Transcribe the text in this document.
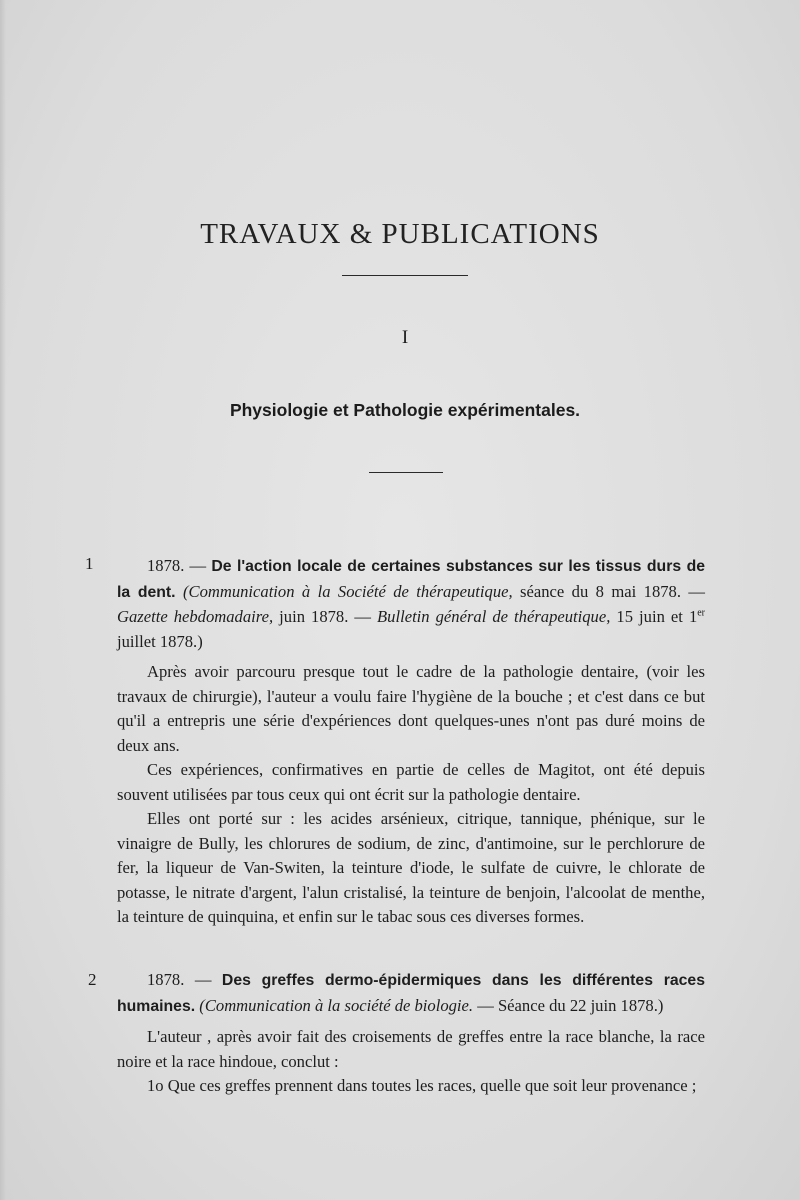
TRAVAUX & PUBLICATIONS
I
Physiologie et Pathologie expérimentales.
1	1878. — De l'action locale de certaines substances sur les tissus durs de la dent. (Communication à la Société de thérapeutique, séance du 8 mai 1878. — Gazette hebdomadaire, juin 1878. — Bulletin général de thérapeutique, 15 juin et 1er juillet 1878.)

Après avoir parcouru presque tout le cadre de la pathologie dentaire, (voir les travaux de chirurgie), l'auteur a voulu faire l'hygiène de la bouche ; et c'est dans ce but qu'il a entrepris une série d'expériences dont quelques-unes n'ont pas duré moins de deux ans.

Ces expériences, confirmatives en partie de celles de Magitot, ont été depuis souvent utilisées par tous ceux qui ont écrit sur la pathologie dentaire.

Elles ont porté sur : les acides arsénieux, citrique, tannique, phénique, sur le vinaigre de Bully, les chlorures de sodium, de zinc, d'antimoine, sur le perchlorure de fer, la liqueur de Van-Switen, la teinture d'iode, le sulfate de cuivre, le chlorate de potasse, le nitrate d'argent, l'alun cristalisé, la teinture de benjoin, l'alcoolat de menthe, la teinture de quinquina, et enfin sur le tabac sous ces diverses formes.

2	1878. — Des greffes dermo-épidermiques dans les différentes races humaines. (Communication à la société de biologie. — Séance du 22 juin 1878.)

L'auteur , après avoir fait des croisements de greffes entre la race blanche, la race noire et la race hindoue, conclut :

1o Que ces greffes prennent dans toutes les races, quelle que soit leur provenance ;
